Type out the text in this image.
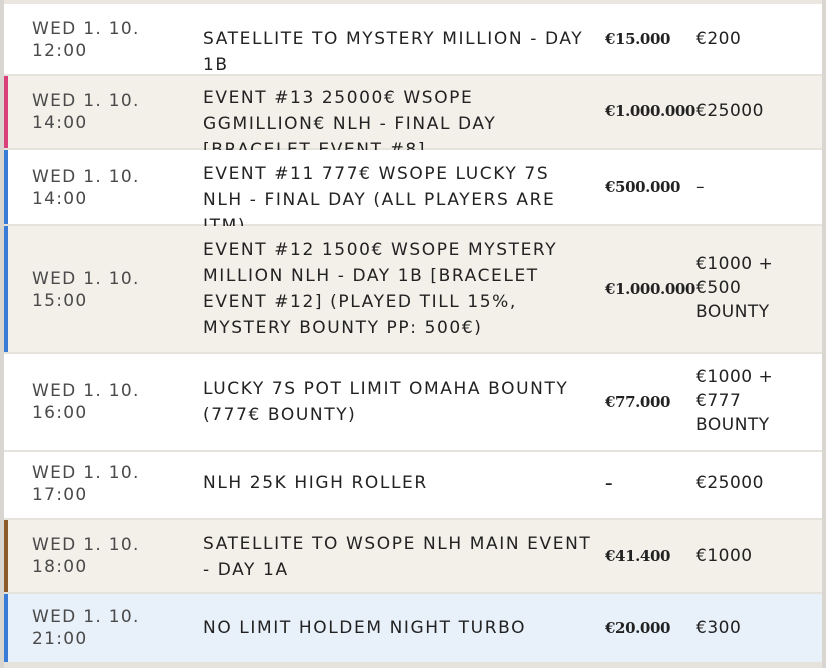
WED 1. 10.
12:00
SATELLITE TO MYSTERY MILLION - DAY 1B
€15.000	€200
WED 1. 10.
14:00
EVENT #13 25000€ WSOPE GGMILLION€ NLH - FINAL DAY
€1.000.000 €25000
WED 1. 10.
14:00
EVENT #11 777€ WSOPE LUCKY 7S NLH - FINAL DAY (ALL PLAYERS ARE
€500.000 –
WED 1. 10.
15:00
EVENT #12 1500€ WSOPE MYSTERY MILLION NLH - DAY 1B [BRACELET EVENT #12] (PLAYED TILL 15%, MYSTERY BOUNTY PP: 500€)
€1.000.000
€1000 + €500 BOUNTY
WED 1. 10.
16:00
LUCKY 7S POT LIMIT OMAHA BOUNTY (777€ BOUNTY)
€77.000
€1000 + €777 BOUNTY
WED 1. 10.
17:00
NLH 25K HIGH ROLLER	–	€25000
WED 1. 10.
18:00
SATELLITE TO WSOPE NLH MAIN EVENT - DAY 1A
€41.400	€1000
WED 1. 10.
21:00
NO LIMIT HOLDEM NIGHT TURBO	€20.000	€300
